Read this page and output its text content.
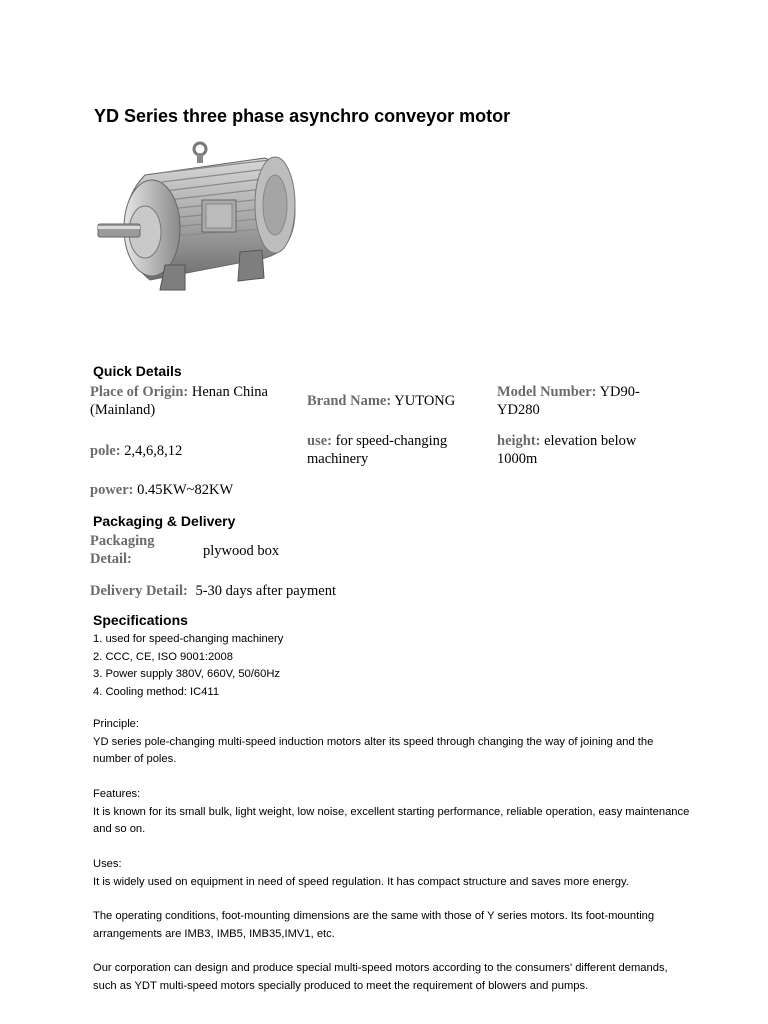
YD Series three phase asynchro conveyor motor
Quick Details
Place of Origin: Henan China (Mainland)
Brand Name: YUTONG
Model Number: YD90-YD280
pole: 2,4,6,8,12
use: for speed-changing machinery
height: elevation below 1000m
power: 0.45KW~82KW
Packaging & Delivery
Packaging Detail:	plywood box
Delivery Detail: 5-30 days after payment
Specifications
1. used for speed-changing machinery
2. CCC, CE, ISO 9001:2008
3. Power supply 380V, 660V, 50/60Hz
4. Cooling method: IC411
Principle:
YD series pole-changing multi-speed induction motors alter its speed through changing the way of joining and the number of poles.
Features:
It is known for its small bulk, light weight, low noise, excellent starting performance, reliable operation, easy maintenance and so on.
Uses:
It is widely used on equipment in need of speed regulation. It has compact structure and saves more energy.
The operating conditions, foot-mounting dimensions are the same with those of Y series motors. Its foot-mounting arrangements are IMB3, IMB5, IMB35,IMV1, etc.
Our corporation can design and produce special multi-speed motors according to the consumers' different demands, such as YDT multi-speed motors specially produced to meet the requirement of blowers and pumps.
